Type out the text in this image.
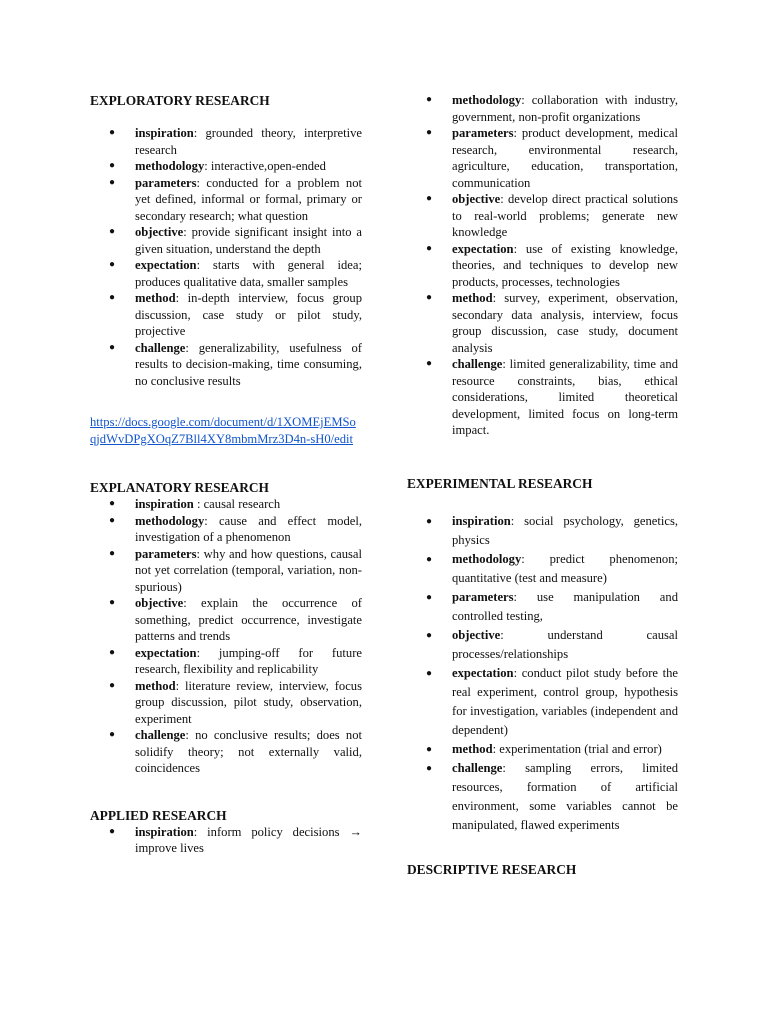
EXPLORATORY RESEARCH
● inspiration: grounded theory, interpretive research
● methodology: interactive,open-ended
● parameters: conducted for a problem not yet defined, informal or formal, primary or secondary research; what question
● objective: provide significant insight into a given situation, understand the depth
● expectation: starts with general idea; produces qualitative data, smaller samples
● method: in-depth interview, focus group discussion, case study or pilot study, projective
● challenge: generalizability, usefulness of results to decision-making, time consuming, no conclusive results
https://docs.google.com/document/d/1XOMEjEMSoqjdWvDPgXOqZ7Bll4XY8mbmMrz3D4n-sH0/edit
EXPLANATORY RESEARCH
● inspiration : causal research
● methodology: cause and effect model, investigation of a phenomenon
● parameters: why and how questions, causal not yet correlation (temporal, variation, non-spurious)
● objective: explain the occurrence of something, predict occurrence, investigate patterns and trends
● expectation: jumping-off for future research, flexibility and replicability
● method: literature review, interview, focus group discussion, pilot study, observation, experiment
● challenge: no conclusive results; does not solidify theory; not externally valid, coincidences
APPLIED RESEARCH
● inspiration: inform policy decisions → improve lives
● methodology: collaboration with industry, government, non-profit organizations
● parameters: product development, medical research, environmental research, agriculture, education, transportation, communication
● objective: develop direct practical solutions to real-world problems; generate new knowledge
● expectation: use of existing knowledge, theories, and techniques to develop new products, processes, technologies
● method: survey, experiment, observation, secondary data analysis, interview, focus group discussion, case study, document analysis
● challenge: limited generalizability, time and resource constraints, bias, ethical considerations, limited theoretical development, limited focus on long-term impact.
EXPERIMENTAL RESEARCH
● inspiration: social psychology, genetics, physics
● methodology: predict phenomenon; quantitative (test and measure)
● parameters: use manipulation and controlled testing,
● objective: understand causal processes/relationships
● expectation: conduct pilot study before the real experiment, control group, hypothesis for investigation, variables (independent and dependent)
● method: experimentation (trial and error)
● challenge: sampling errors, limited resources, formation of artificial environment, some variables cannot be manipulated, flawed experiments
DESCRIPTIVE RESEARCH
